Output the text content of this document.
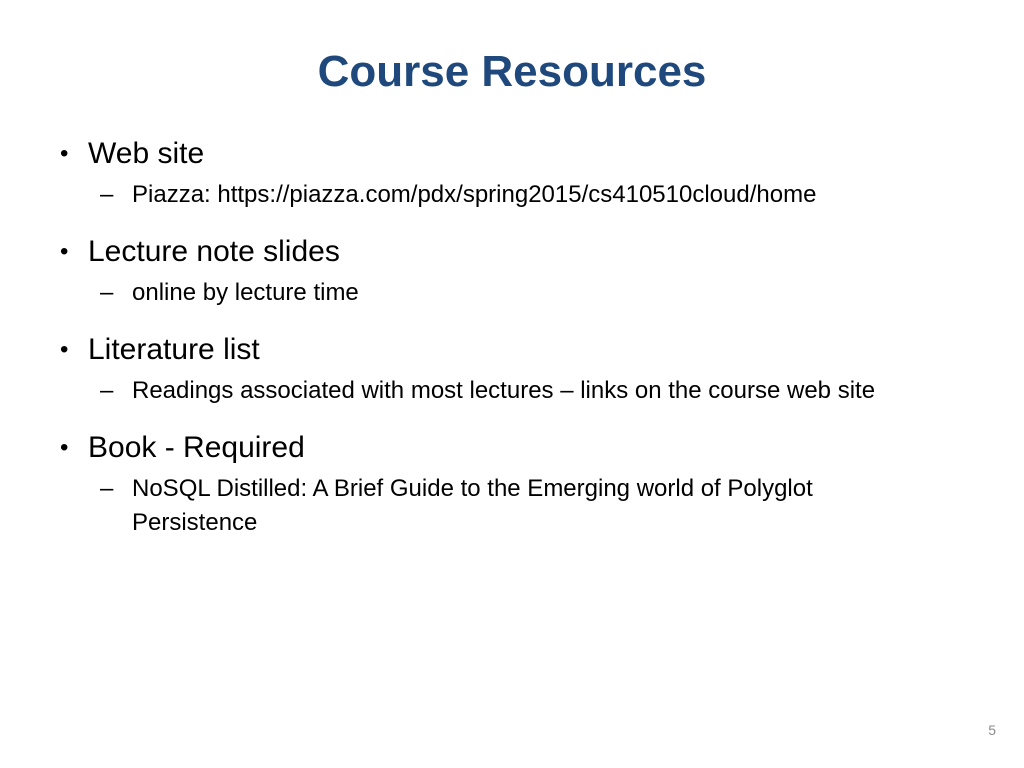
Course Resources
• Web site
– Piazza: https://piazza.com/pdx/spring2015/cs410510cloud/home
• Lecture note slides
– online by lecture time
• Literature list
– Readings associated with most lectures – links on the course web site
• Book - Required
– NoSQL Distilled: A Brief Guide to the Emerging world of Polyglot Persistence
5
